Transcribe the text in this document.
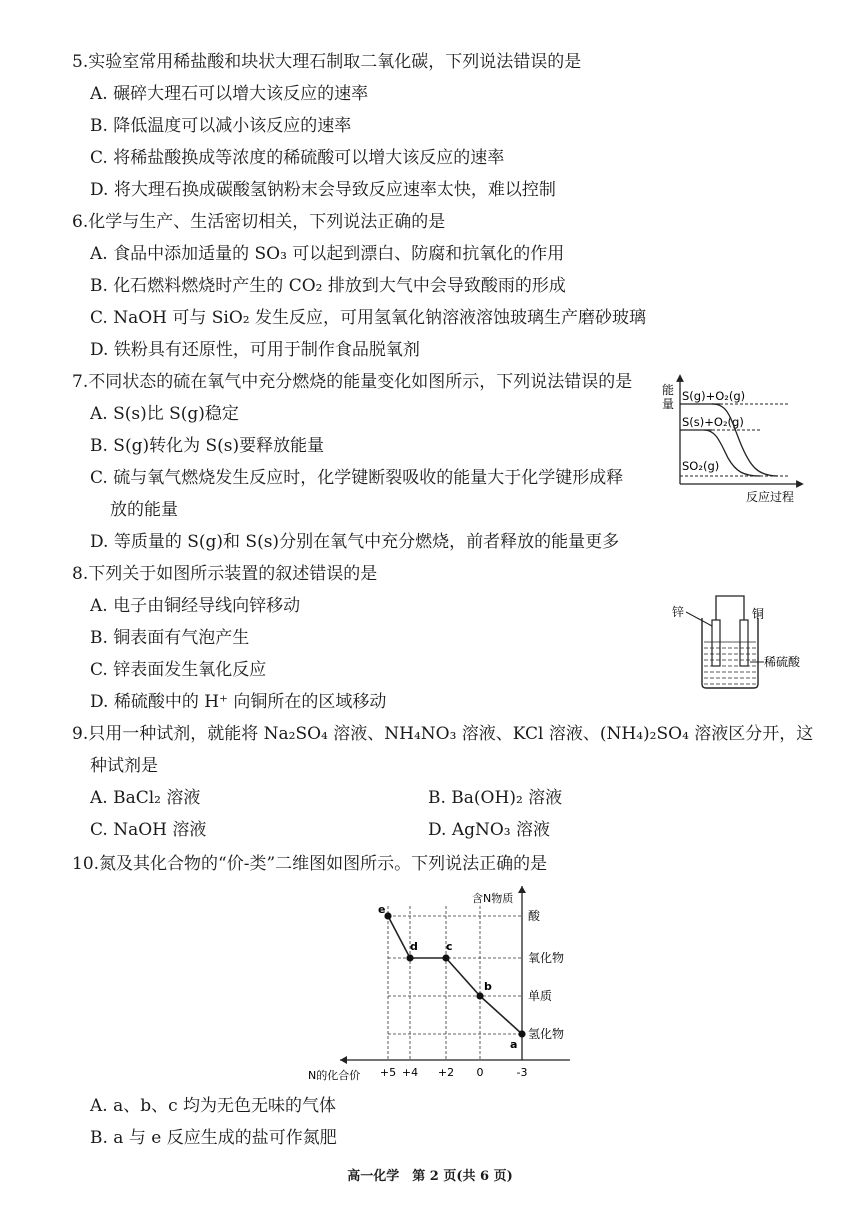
5.实验室常用稀盐酸和块状大理石制取二氧化碳，下列说法错误的是
A. 碾碎大理石可以增大该反应的速率
B. 降低温度可以减小该反应的速率
C. 将稀盐酸换成等浓度的稀硫酸可以增大该反应的速率
D. 将大理石换成碳酸氢钠粉末会导致反应速率太快，难以控制
6.化学与生产、生活密切相关，下列说法正确的是
A. 食品中添加适量的 SO₃ 可以起到漂白、防腐和抗氧化的作用
B. 化石燃料燃烧时产生的 CO₂ 排放到大气中会导致酸雨的形成
C. NaOH 可与 SiO₂ 发生反应，可用氢氧化钠溶液溶蚀玻璃生产磨砂玻璃
D. 铁粉具有还原性，可用于制作食品脱氧剂
7.不同状态的硫在氧气中充分燃烧的能量变化如图所示，下列说法错误的是
A. S(s)比 S(g)稳定
B. S(g)转化为 S(s)要释放能量
C. 硫与氧气燃烧发生反应时，化学键断裂吸收的能量大于化学键形成释
放的能量
D. 等质量的 S(g)和 S(s)分别在氧气中充分燃烧，前者释放的能量更多
能
量
S(g)+O₂(g)
S(s)+O₂(g)
SO₂(g)
反应过程
8.下列关于如图所示装置的叙述错误的是
A. 电子由铜经导线向锌移动
B. 铜表面有气泡产生
C. 锌表面发生氧化反应
D. 稀硫酸中的 H⁺ 向铜所在的区域移动
锌	铜
稀硫酸
9.只用一种试剂，就能将 Na₂SO₄ 溶液、NH₄NO₃ 溶液、KCl 溶液、(NH₄)₂SO₄ 溶液区分开，这
种试剂是
A. BaCl₂ 溶液	B. Ba(OH)₂ 溶液
C. NaOH 溶液	D. AgNO₃ 溶液
10.氮及其化合物的“价-类”二维图如图所示。下列说法正确的是
含N物质
N的化合价 +5 +4 +2 0	-3
氢化物
单质
氧化物
酸
e
d	c
b
a
A. a、b、c 均为无色无味的气体
B. a 与 e 反应生成的盐可作氮肥
高一化学　第 2 页(共 6 页)
